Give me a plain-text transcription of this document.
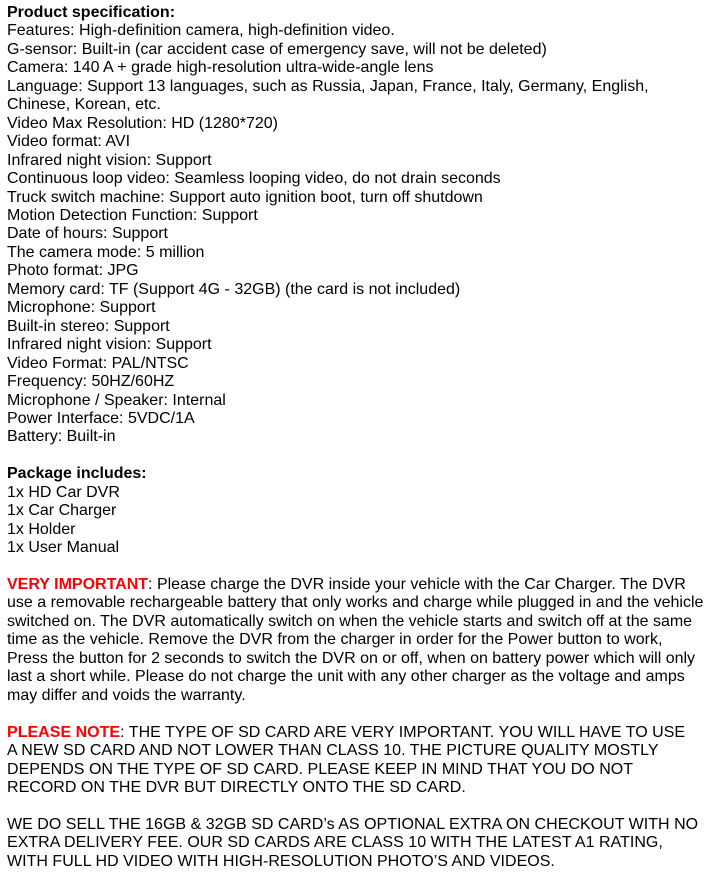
Product specification:
Features: High-definition camera, high-definition video.
G-sensor: Built-in (car accident case of emergency save, will not be deleted)
Camera: 140 A + grade high-resolution ultra-wide-angle lens
Language: Support 13 languages, such as Russia, Japan, France, Italy, Germany, English,
Chinese, Korean, etc.
Video Max Resolution: HD (1280*720)
Video format: AVI
Infrared night vision: Support
Continuous loop video: Seamless looping video, do not drain seconds
Truck switch machine: Support auto ignition boot, turn off shutdown
Motion Detection Function: Support
Date of hours: Support
The camera mode: 5 million
Photo format: JPG
Memory card: TF (Support 4G - 32GB) (the card is not included)
Microphone: Support
Built-in stereo: Support
Infrared night vision: Support
Video Format: PAL/NTSC
Frequency: 50HZ/60HZ
Microphone / Speaker: Internal
Power Interface: 5VDC/1A
Battery: Built-in
Package includes:
1x HD Car DVR
1x Car Charger
1x Holder
1x User Manual
VERY IMPORTANT: Please charge the DVR inside your vehicle with the Car Charger. The DVR
use a removable rechargeable battery that only works and charge while plugged in and the vehicle
switched on. The DVR automatically switch on when the vehicle starts and switch off at the same
time as the vehicle. Remove the DVR from the charger in order for the Power button to work,
Press the button for 2 seconds to switch the DVR on or off, when on battery power which will only
last a short while. Please do not charge the unit with any other charger as the voltage and amps
may differ and voids the warranty.
PLEASE NOTE: THE TYPE OF SD CARD ARE VERY IMPORTANT. YOU WILL HAVE TO USE
A NEW SD CARD AND NOT LOWER THAN CLASS 10. THE PICTURE QUALITY MOSTLY
DEPENDS ON THE TYPE OF SD CARD. PLEASE KEEP IN MIND THAT YOU DO NOT
RECORD ON THE DVR BUT DIRECTLY ONTO THE SD CARD.
WE DO SELL THE 16GB & 32GB SD CARD’s AS OPTIONAL EXTRA ON CHECKOUT WITH NO
EXTRA DELIVERY FEE. OUR SD CARDS ARE CLASS 10 WITH THE LATEST A1 RATING,
WITH FULL HD VIDEO WITH HIGH-RESOLUTION PHOTO’S AND VIDEOS.
